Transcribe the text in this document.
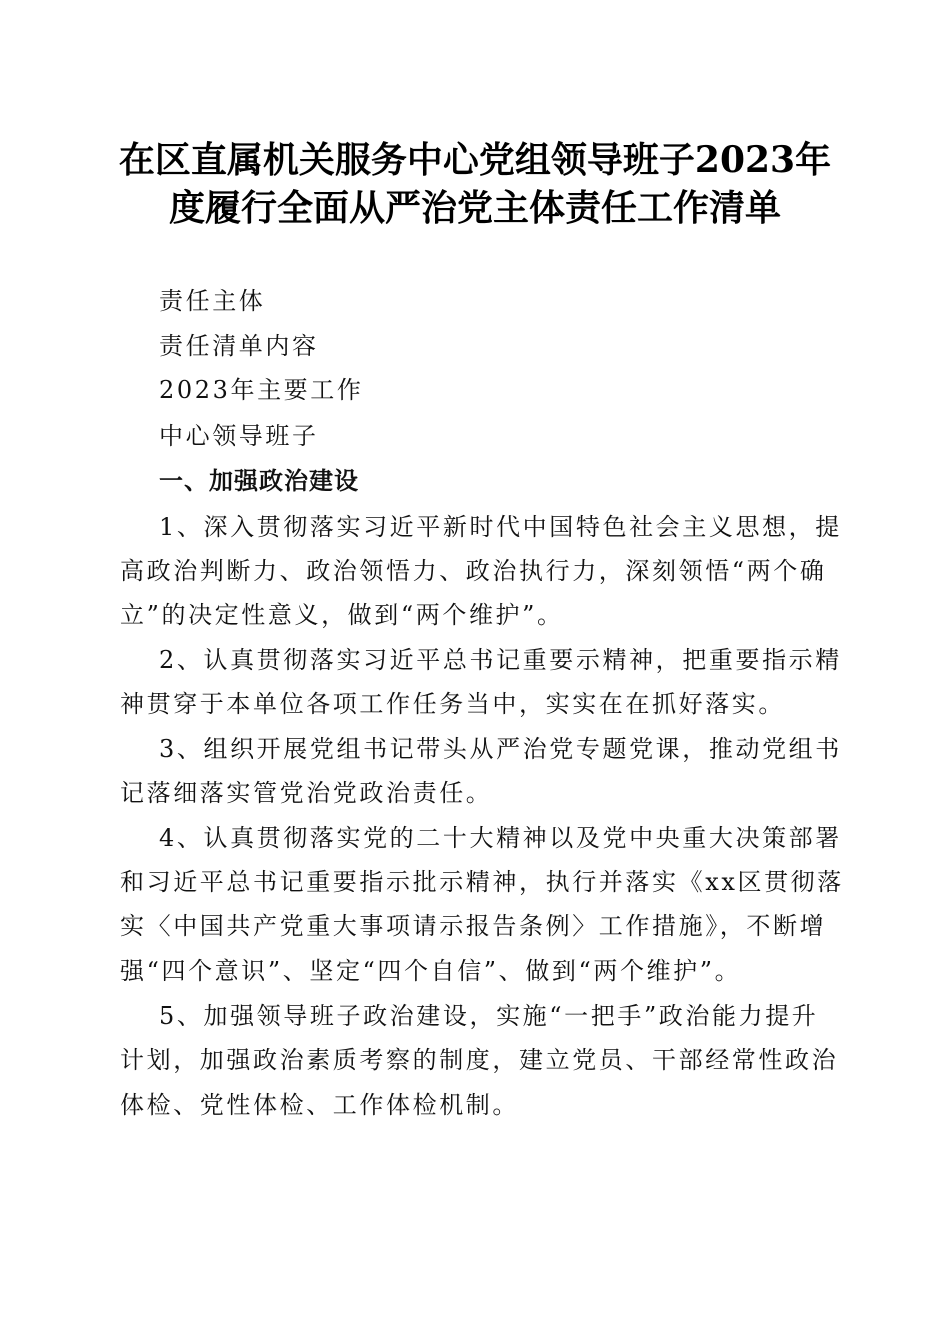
在区直属机关服务中心党组领导班子2023年
度履行全面从严治党主体责任工作清单
责任主体
责任清单内容
2023年主要工作
中心领导班子
一、加强政治建设
1、深入贯彻落实习近平新时代中国特色社会主义思想，提
高政治判断力、政治领悟力、政治执行力，深刻领悟“两个确
立”的决定性意义，做到“两个维护”。
2、认真贯彻落实习近平总书记重要示精神，把重要指示精
神贯穿于本单位各项工作任务当中，实实在在抓好落实。
3、组织开展党组书记带头从严治党专题党课，推动党组书
记落细落实管党治党政治责任。
4、认真贯彻落实党的二十大精神以及党中央重大决策部署
和习近平总书记重要指示批示精神，执行并落实《xx区贯彻落
实〈中国共产党重大事项请示报告条例〉工作措施》，不断增
强“四个意识”、坚定“四个自信”、做到“两个维护”。
5、加强领导班子政治建设，实施“一把手”政治能力提升
计划，加强政治素质考察的制度，建立党员、干部经常性政治
体检、党性体检、工作体检机制。
